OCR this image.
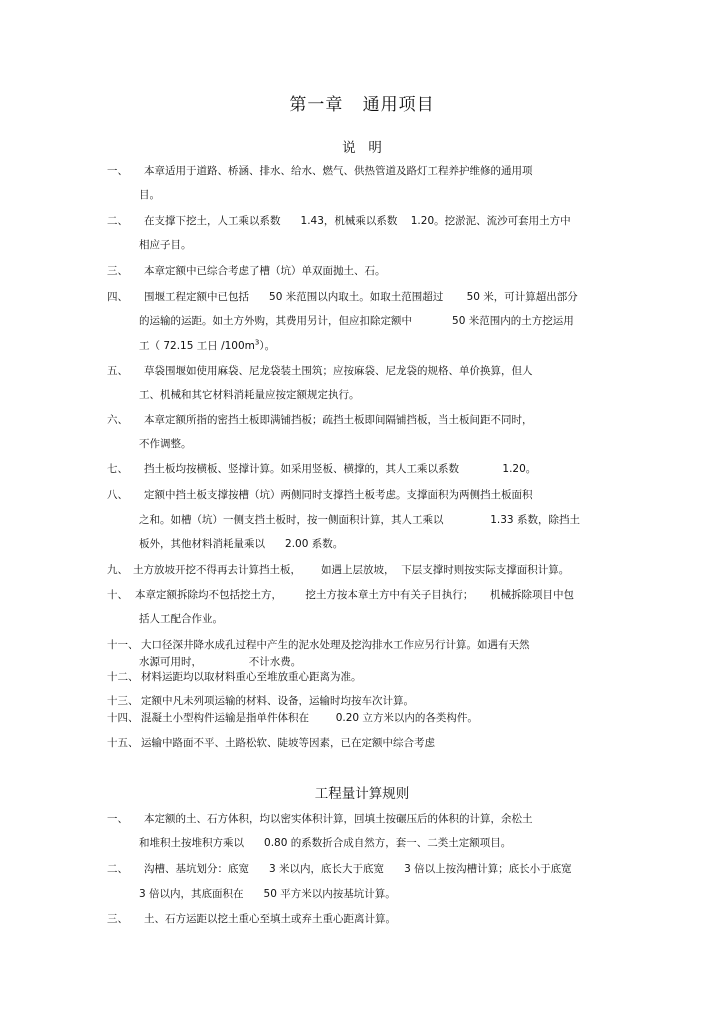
第一章   通用项目
说   明
一、 本章适用于道路、桥涵、排水、给水、燃气、供热管道及路灯工程养护维修的通用项
目。
二、 在支撑下挖土，人工乘以系数      1.43，机械乘以系数    1.20。挖淤泥、流沙可套用土方中
相应子目。
三、 本章定额中已综合考虑了槽（坑）单双面抛土、石。
四、 围堰工程定额中已包括      50 米范围以内取土。如取土范围超过       50 米，可计算超出部分
的运输的运距。如土方外购，其费用另计，但应扣除定额中            50 米范围内的土方挖运用
工（ 72.15 工日 $/100m^3$）。
五、 草袋围堰如使用麻袋、尼龙袋装土围筑；应按麻袋、尼龙袋的规格、单价换算，但人
工、机械和其它材料消耗量应按定额规定执行。
六、 本章定额所指的密挡土板即满铺挡板；疏挡土板即间隔铺挡板，当土板间距不同时，
不作调整。
七、 挡土板均按横板、竖撑计算。如采用竖板、横撑的，其人工乘以系数             1.20。
八、 定额中挡土板支撑按槽（坑）两侧同时支撑挡土板考虑。支撑面积为两侧挡土板面积
之和。如槽（坑）一侧支挡土板时，按一侧面积计算，其人工乘以              1.33 系数，除挡土
板外，其他材料消耗量乘以      2.00 系数。
九、 土方放坡开挖不得再去计算挡土板，      如遇上层放坡，  下层支撑时则按实际支撑面积计算。
十、 本章定额拆除均不包括挖土方，       挖土方按本章土方中有关子目执行；     机械拆除项目中包
括人工配合作业。
十一、 大口径深井降水成孔过程中产生的泥水处理及挖沟排水工作应另行计算。如遇有天然
水源可用时，              不计水费。
十二、 材料运距均以取材料重心至堆放重心距离为准。
十三、 定额中凡未列项运输的材料、设备，运输时均按车次计算。
十四、 混凝土小型构件运输是指单件体积在        0.20 立方米以内的各类构件。
十五、 运输中路面不平、土路松软、陡坡等因素，已在定额中综合考虑
工程量计算规则
一、 本定额的土、石方体积，均以密实体积计算，回填土按碾压后的体积的计算，余松土
和堆积土按堆积方乘以      0.80 的系数折合成自然方，套一、二类土定额项目。
二、 沟槽、基坑划分：底宽      3 米以内，底长大于底宽      3 倍以上按沟槽计算；底长小于底宽
3 倍以内，其底面积在      50 平方米以内按基坑计算。
三、 土、石方运距以挖土重心至填土或弃土重心距离计算。
